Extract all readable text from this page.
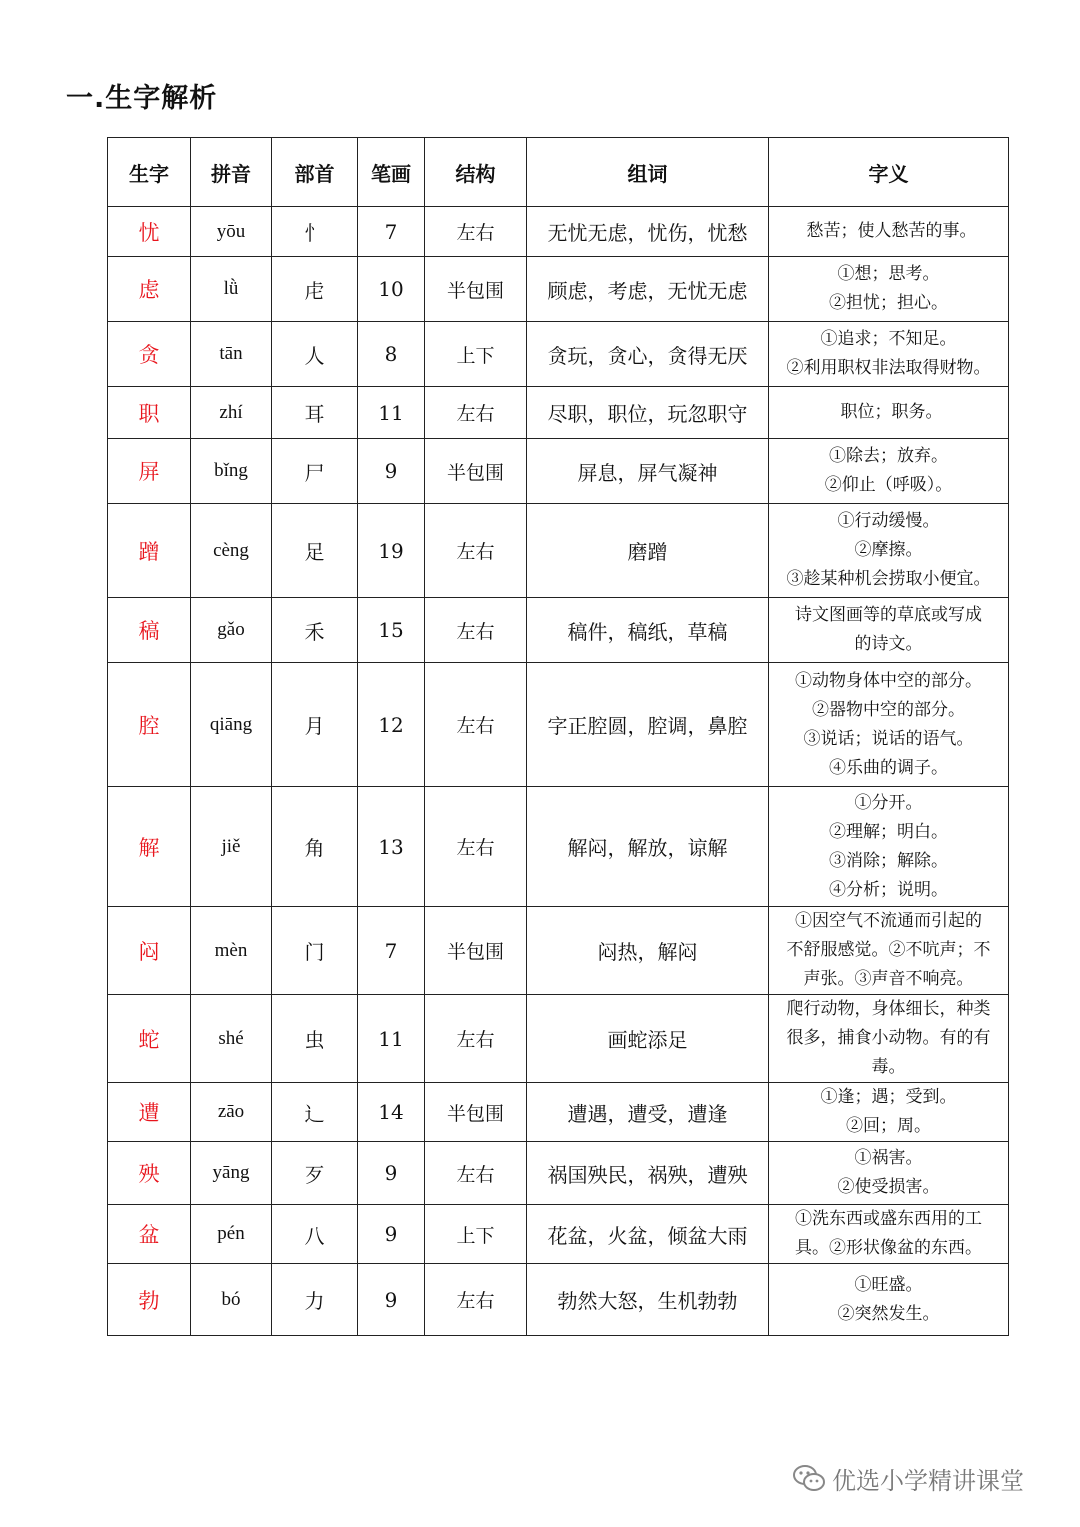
一.生字解析
生字	拼音	部首	笔画	结构	组词	字义
忧	yōu	忄	7	左右	无忧无虑，忧伤，忧愁	愁苦；使人愁苦的事。

虑	lǜ	虍	10	半包围	顾虑，考虑，无忧无虑	①想；思考。
②担忧；担心。

贪	tān	人	8	上下	贪玩，贪心，贪得无厌	①追求；不知足。
②利用职权非法取得财物。

职	zhí	耳	11	左右	尽职，职位，玩忽职守	职位；职务。

屏	bǐng	尸	9	半包围	屏息，屏气凝神	①除去；放弃。
②仰止（呼吸）。

蹭	cèng	足	19	左右	磨蹭	①行动缓慢。
②摩擦。
③趁某种机会捞取小便宜。

稿	gǎo	禾	15	左右	稿件，稿纸，草稿	诗文图画等的草底或写成
的诗文。

腔	qiāng	月	12	左右	字正腔圆，腔调，鼻腔	①动物身体中空的部分。
②器物中空的部分。
③说话；说话的语气。
④乐曲的调子。

解	jiě	角	13	左右	解闷，解放，谅解	①分开。
②理解；明白。
③消除；解除。
④分析；说明。

闷	mèn	门	7	半包围	闷热，解闷	①因空气不流通而引起的
不舒服感觉。②不吭声；不
声张。③声音不响亮。

蛇	shé	虫	11	左右	画蛇添足	爬行动物，身体细长，种类
很多，捕食小动物。有的有
毒。

遭	zāo	辶	14	半包围	遭遇，遭受，遭逢	①逢；遇；受到。
②回；周。

殃	yāng	歹	9	左右	祸国殃民，祸殃，遭殃	①祸害。
②使受损害。

盆	pén	八	9	上下	花盆，火盆，倾盆大雨	①洗东西或盛东西用的工
具。②形状像盆的东西。

勃	bó	力	9	左右	勃然大怒，生机勃勃	①旺盛。
②突然发生。
优选小学精讲课堂
